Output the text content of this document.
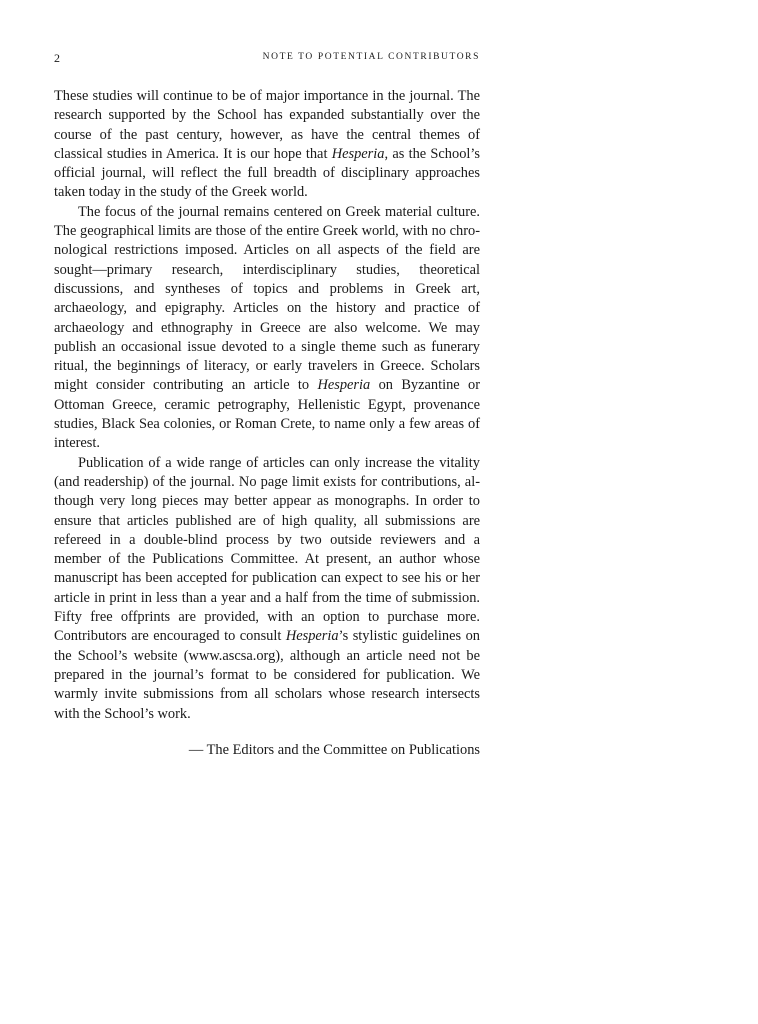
2	NOTE TO POTENTIAL CONTRIBUTORS

These studies will continue to be of major importance in the journal. The research supported by the School has expanded substantially over the course of the past century, however, as have the central themes of classical studies in America. It is our hope that Hesperia, as the School’s official journal, will reflect the full breadth of disciplinary approaches taken today in the study of the Greek world.

The focus of the journal remains centered on Greek material culture. The geographical limits are those of the entire Greek world, with no chronological restrictions imposed. Articles on all aspects of the field are sought—primary research, interdisciplinary studies, theoretical discussions, and syntheses of topics and problems in Greek art, archaeology, and epigraphy. Articles on the history and practice of archaeology and ethnography in Greece are also welcome. We may publish an occasional issue devoted to a single theme such as funerary ritual, the beginnings of literacy, or early travelers in Greece. Scholars might consider contributing an article to Hesperia on Byzantine or Ottoman Greece, ceramic petrography, Hellenistic Egypt, provenance studies, Black Sea colonies, or Roman Crete, to name only a few areas of interest.

Publication of a wide range of articles can only increase the vitality (and readership) of the journal. No page limit exists for contributions, although very long pieces may better appear as monographs. In order to ensure that articles published are of high quality, all submissions are refereed in a double-blind process by two outside reviewers and a member of the Publications Committee. At present, an author whose manuscript has been accepted for publication can expect to see his or her article in print in less than a year and a half from the time of submission. Fifty free offprints are provided, with an option to purchase more. Contributors are encouraged to consult Hesperia’s stylistic guidelines on the School’s website (www.ascsa.org), although an article need not be prepared in the journal’s format to be considered for publication. We warmly invite submissions from all scholars whose research intersects with the School’s work.

— The Editors and the Committee on Publications
